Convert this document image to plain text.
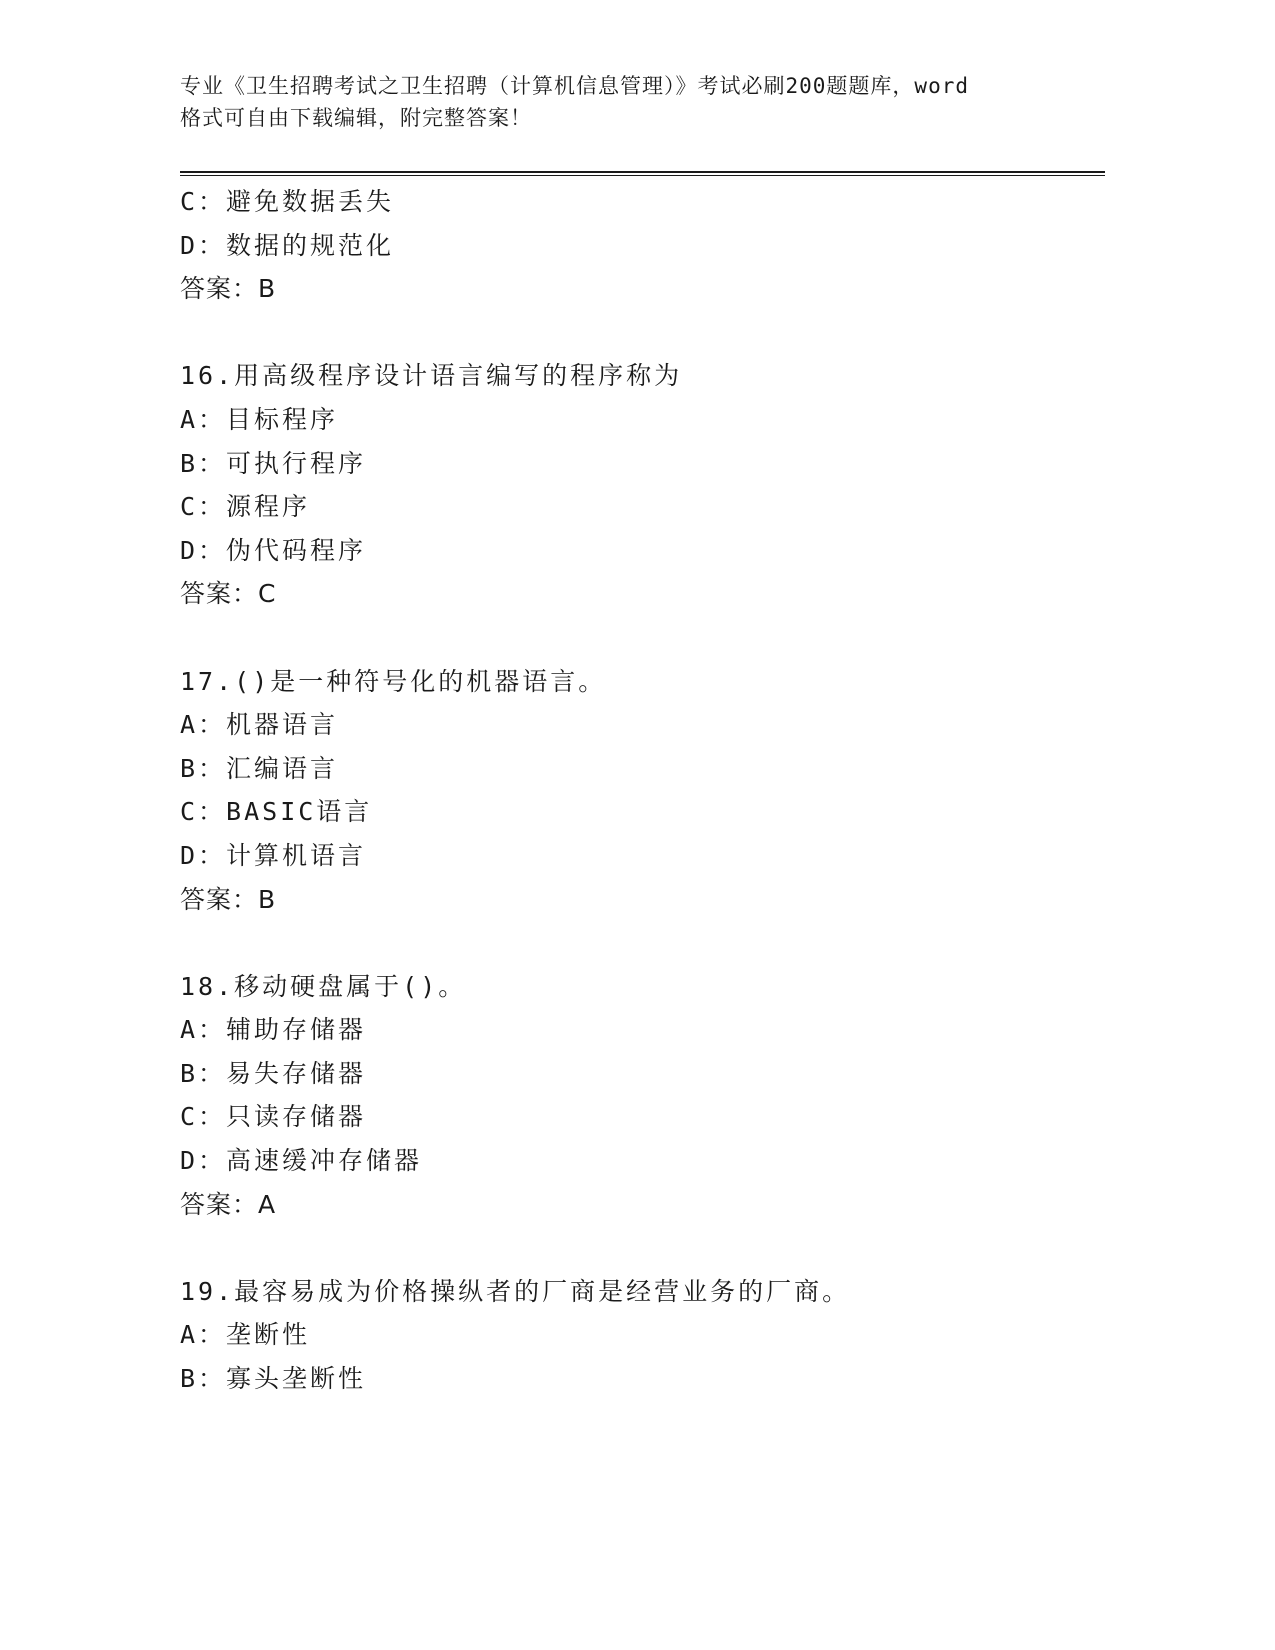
专业《卫生招聘考试之卫生招聘（计算机信息管理）》考试必刷200题题库，word
格式可自由下载编辑，附完整答案！
C：避免数据丢失
D：数据的规范化
答案：B
16.用高级程序设计语言编写的程序称为
A：目标程序
B：可执行程序
C：源程序
D：伪代码程序
答案：C
17.()是一种符号化的机器语言。
A：机器语言
B：汇编语言
C：BASIC语言
D：计算机语言
答案：B
18.移动硬盘属于()。
A：辅助存储器
B：易失存储器
C：只读存储器
D：高速缓冲存储器
答案：A
19.最容易成为价格操纵者的厂商是经营业务的厂商。
A：垄断性
B：寡头垄断性
